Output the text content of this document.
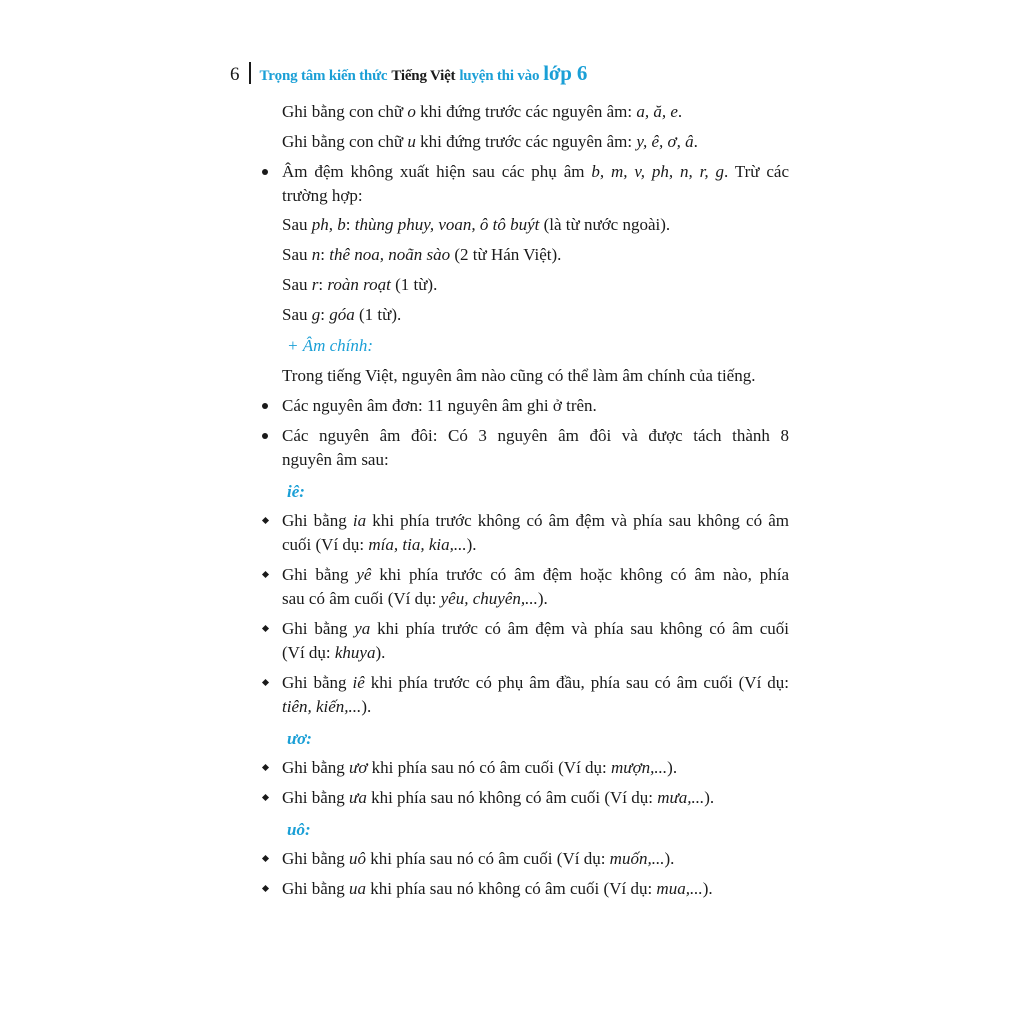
6 Trọng tâm kiến thức Tiếng Việt luyện thi vào lớp 6
Ghi bằng con chữ o khi đứng trước các nguyên âm: a, ă, e.
Ghi bằng con chữ u khi đứng trước các nguyên âm: y, ê, ơ, â.
Âm đệm không xuất hiện sau các phụ âm b, m, v, ph, n, r, g. Trừ các
trường hợp:
Sau ph, b: thùng phuy, voan, ô tô buýt (là từ nước ngoài).
Sau n: thê noa, noãn sào (2 từ Hán Việt).
Sau r: roàn roạt (1 từ).
Sau g: góa (1 từ).
+ Âm chính:
Trong tiếng Việt, nguyên âm nào cũng có thể làm âm chính của tiếng.
Các nguyên âm đơn: 11 nguyên âm ghi ở trên.
Các nguyên âm đôi: Có 3 nguyên âm đôi và được tách thành 8
nguyên âm sau:
iê:
Ghi bằng ia khi phía trước không có âm đệm và phía sau không có âm
cuối (Ví dụ: mía, tia, kia,...).
Ghi bằng yê khi phía trước có âm đệm hoặc không có âm nào, phía
sau có âm cuối (Ví dụ: yêu, chuyên,...).
Ghi bằng ya khi phía trước có âm đệm và phía sau không có âm cuối
(Ví dụ: khuya).
Ghi bằng iê khi phía trước có phụ âm đầu, phía sau có âm cuối (Ví dụ:
tiên, kiến,...).
ươ:
Ghi bằng ươ khi phía sau nó có âm cuối (Ví dụ: mượn,...).
Ghi bằng ưa khi phía sau nó không có âm cuối (Ví dụ: mưa,...).
uô:
Ghi bằng uô khi phía sau nó có âm cuối (Ví dụ: muốn,...).
Ghi bằng ua khi phía sau nó không có âm cuối (Ví dụ: mua,...).
